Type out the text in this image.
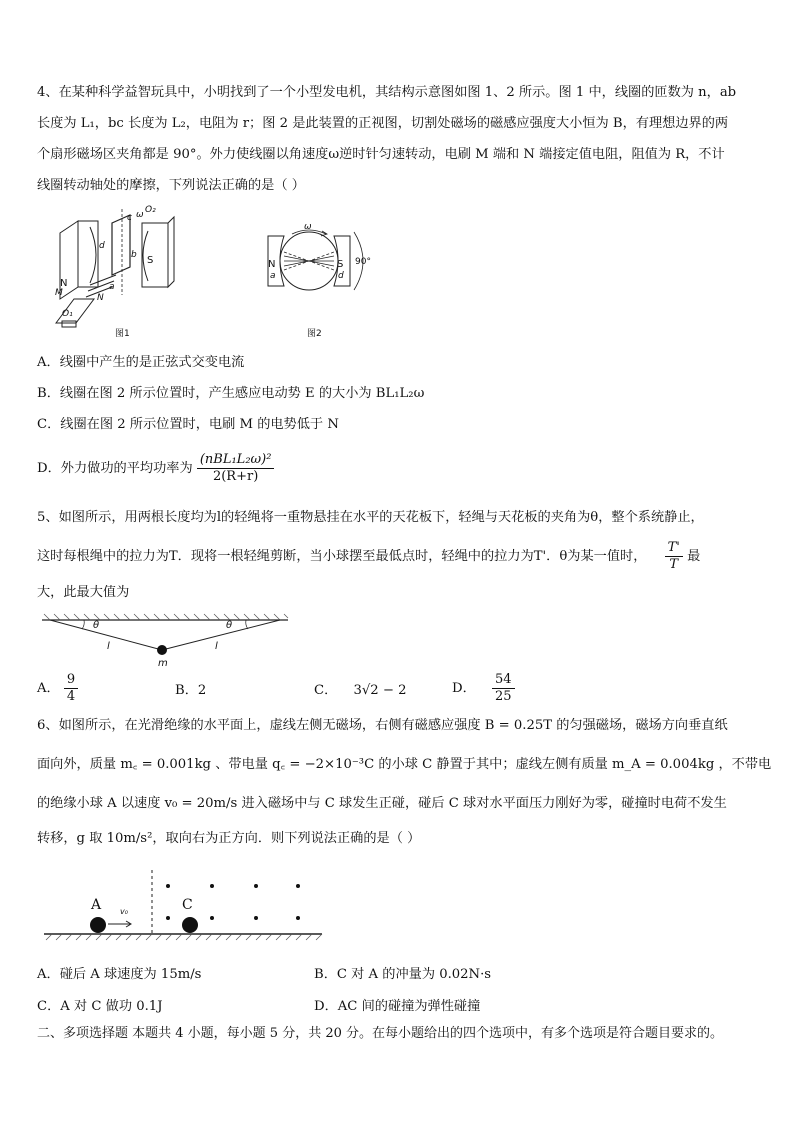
4、在某种科学益智玩具中，小明找到了一个小型发电机，其结构示意图如图 1、2 所示。图 1 中，线圈的匝数为 n，ab
长度为 L₁，bc 长度为 L₂，电阻为 r；图 2 是此装置的正视图，切割处磁场的磁感应强度大小恒为 B，有理想边界的两
个扇形磁场区夹角都是 90°。外力使线圈以角速度ω逆时针匀速转动，电刷 M 端和 N 端接定值电阻，阻值为 R，不计
线圈转动轴处的摩擦，下列说法正确的是（ ）
N
S
c ω O₂
b
d
a
M	N
O₁
图1
N	S
ω
90°
a	d
图2
A．线圈中产生的是正弦式交变电流
B．线圈在图 2 所示位置时，产生感应电动势 E 的大小为 BL₁L₂ω
C．线圈在图 2 所示位置时，电刷 M 的电势低于 N
D．外力做功的平均功率为 $\frac{\text{(nBL₁L₂ω)²}}{2(R+r)}$
5、如图所示，用两根长度均为l的轻绳将一重物悬挂在水平的天花板下，轻绳与天花板的夹角为θ，整个系统静止，
这时每根绳中的拉力为T．现将一根轻绳剪断，当小球摆至最低点时，轻绳中的拉力为T'．θ为某一值时， $\frac{T'}{T}$ 最
大，此最大值为
θ	θ
l	l
m
A． $\frac{9}{4}$	B．2	C． 3√2 − 2	D． $\frac{54}{25}$
6、如图所示，在光滑绝缘的水平面上，虚线左侧无磁场，右侧有磁感应强度 B = 0.25T 的匀强磁场，磁场方向垂直纸
面向外，质量 m꜀ = 0.001kg 、带电量 q꜀ = −2×10⁻³C 的小球 C 静置于其中；虚线左侧有质量 m_A = 0.004kg ，不带电
的绝缘小球 A 以速度 v₀ = 20m/s 进入磁场中与 C 球发生正碰，碰后 C 球对水平面压力刚好为零，碰撞时电荷不发生
转移，g 取 10m/s²，取向右为正方向．则下列说法正确的是（ ）
A v₀	C
A．碰后 A 球速度为 15m/s	B．C 对 A 的冲量为 0.02N·s
C．A 对 C 做功 0.1J	D．AC 间的碰撞为弹性碰撞
二、多项选择题 本题共 4 小题，每小题 5 分，共 20 分。在每小题给出的四个选项中，有多个选项是符合题目要求的。
